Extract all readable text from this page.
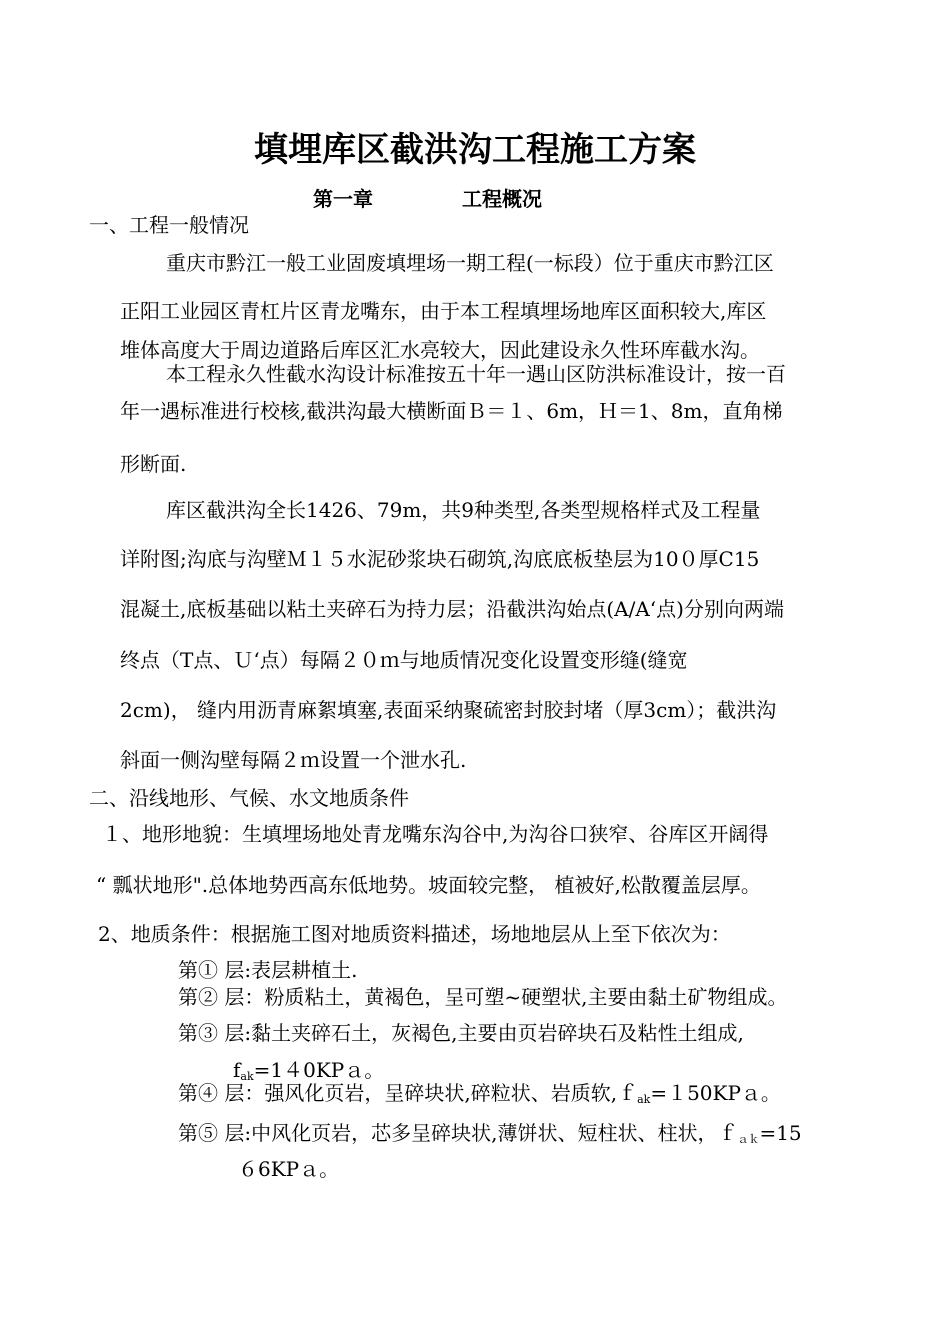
填埋库区截洪沟工程施工方案
第一章	工程概况
一、工程一般情况
重庆市黔江一般工业固废填埋场一期工程(一标段）位于重庆市黔江区
正阳工业园区青杠片区青龙嘴东，由于本工程填埋场地库区面积较大,库区
堆体高度大于周边道路后库区汇水亮较大，因此建设永久性环库截水沟。
本工程永久性截水沟设计标准按五十年一遇山区防洪标准设计，按一百
年一遇标准进行校核,截洪沟最大横断面Ｂ＝１、6m，Ｈ＝1、8m，直角梯
形断面.
库区截洪沟全长1426、79m，共9种类型,各类型规格样式及工程量
详附图;沟底与沟壁Ｍ１５水泥砂浆块石砌筑,沟底底板垫层为10０厚C15
混凝土,底板基础以粘土夹碎石为持力层；沿截洪沟始点(A/A‘点)分别向两端
终点（T点、Ｕ‘点）每隔２０ｍ与地质情况变化设置变形缝(缝宽
2cm)， 缝内用沥青麻絮填塞,表面采纳聚硫密封胶封堵（厚3cm）；截洪沟
斜面一侧沟壁每隔２ｍ设置一个泄水孔.
二、沿线地形、气候、水文地质条件
１、地形地貌：生填埋场地处青龙嘴东沟谷中,为沟谷口狭窄、谷库区开阔得
“ 瓢状地形".总体地势西高东低地势。坡面较完整， 植被好,松散覆盖层厚。
2、地质条件：根据施工图对地质资料描述，场地地层从上至下依次为：
第① 层:表层耕植土.
第② 层：粉质粘土，黄褐色，呈可塑~硬塑状,主要由黏土矿物组成。
第③ 层:黏土夹碎石土，灰褐色,主要由页岩碎块石及粘性土组成,
$f_{ak}=140KPa$。
第④ 层：强风化页岩，呈碎块状,碎粒状、岩质软,ｆ$_{ak}$=１50KPａ。
第⑤ 层:中风化页岩，芯多呈碎块状,薄饼状、短柱状、柱状，ｆ$_{ak}$=15
６6KPａ。
